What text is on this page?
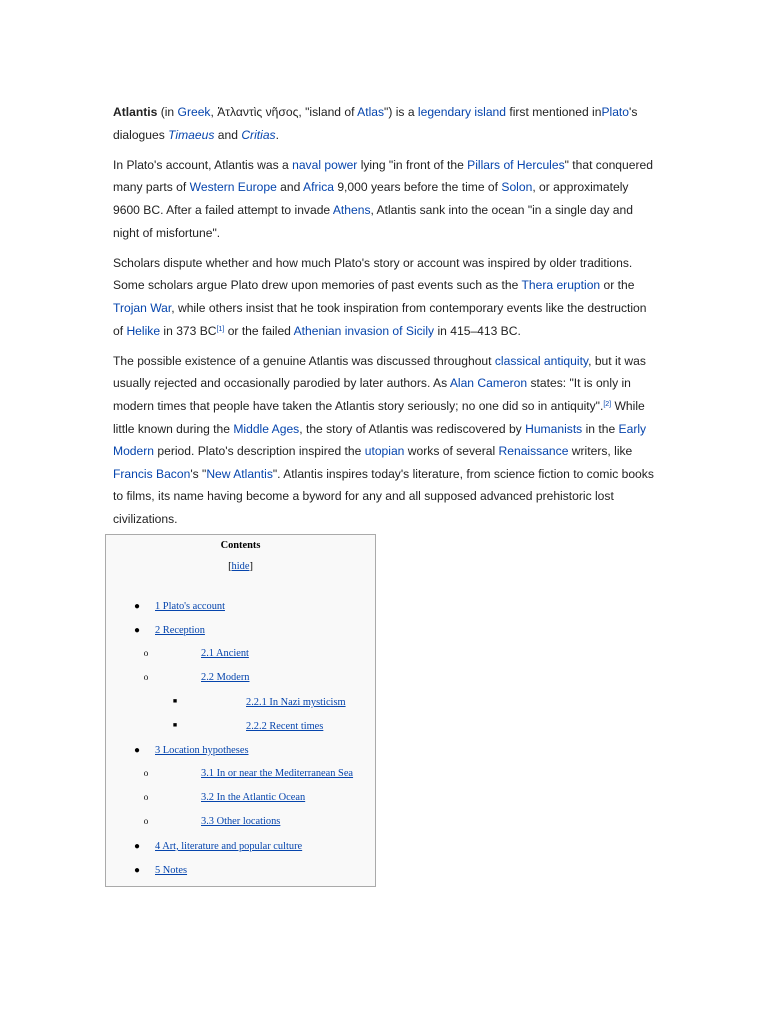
Atlantis (in Greek, Ἀτλαντὶς νῆσος, "island of Atlas") is a legendary island first mentioned inPlato's dialogues Timaeus and Critias.

In Plato's account, Atlantis was a naval power lying "in front of the Pillars of Hercules" that conquered many parts of Western Europe and Africa 9,000 years before the time of Solon, or approximately 9600 BC. After a failed attempt to invade Athens, Atlantis sank into the ocean "in a single day and night of misfortune".

Scholars dispute whether and how much Plato's story or account was inspired by older traditions. Some scholars argue Plato drew upon memories of past events such as the Thera eruption or the Trojan War, while others insist that he took inspiration from contemporary events like the destruction of Helike in 373 BC[1] or the failed Athenian invasion of Sicily in 415–413 BC.

The possible existence of a genuine Atlantis was discussed throughout classical antiquity, but it was usually rejected and occasionally parodied by later authors. As Alan Cameron states: "It is only in modern times that people have taken the Atlantis story seriously; no one did so in antiquity".[2] While little known during the Middle Ages, the story of Atlantis was rediscovered by Humanists in the Early Modern period. Plato's description inspired the utopian works of several Renaissance writers, like Francis Bacon's "New Atlantis". Atlantis inspires today's literature, from science fiction to comic books to films, its name having become a byword for any and all supposed advanced prehistoric lost civilizations.

Contents
[hide]
● 1 Plato's account
● 2 Reception
o	2.1 Ancient
o	2.2 Modern
■	2.2.1 In Nazi mysticism
■	2.2.2 Recent times
● 3 Location hypotheses
o	3.1 In or near the Mediterranean Sea
o	3.2 In the Atlantic Ocean
o	3.3 Other locations
● 4 Art, literature and popular culture
● 5 Notes
